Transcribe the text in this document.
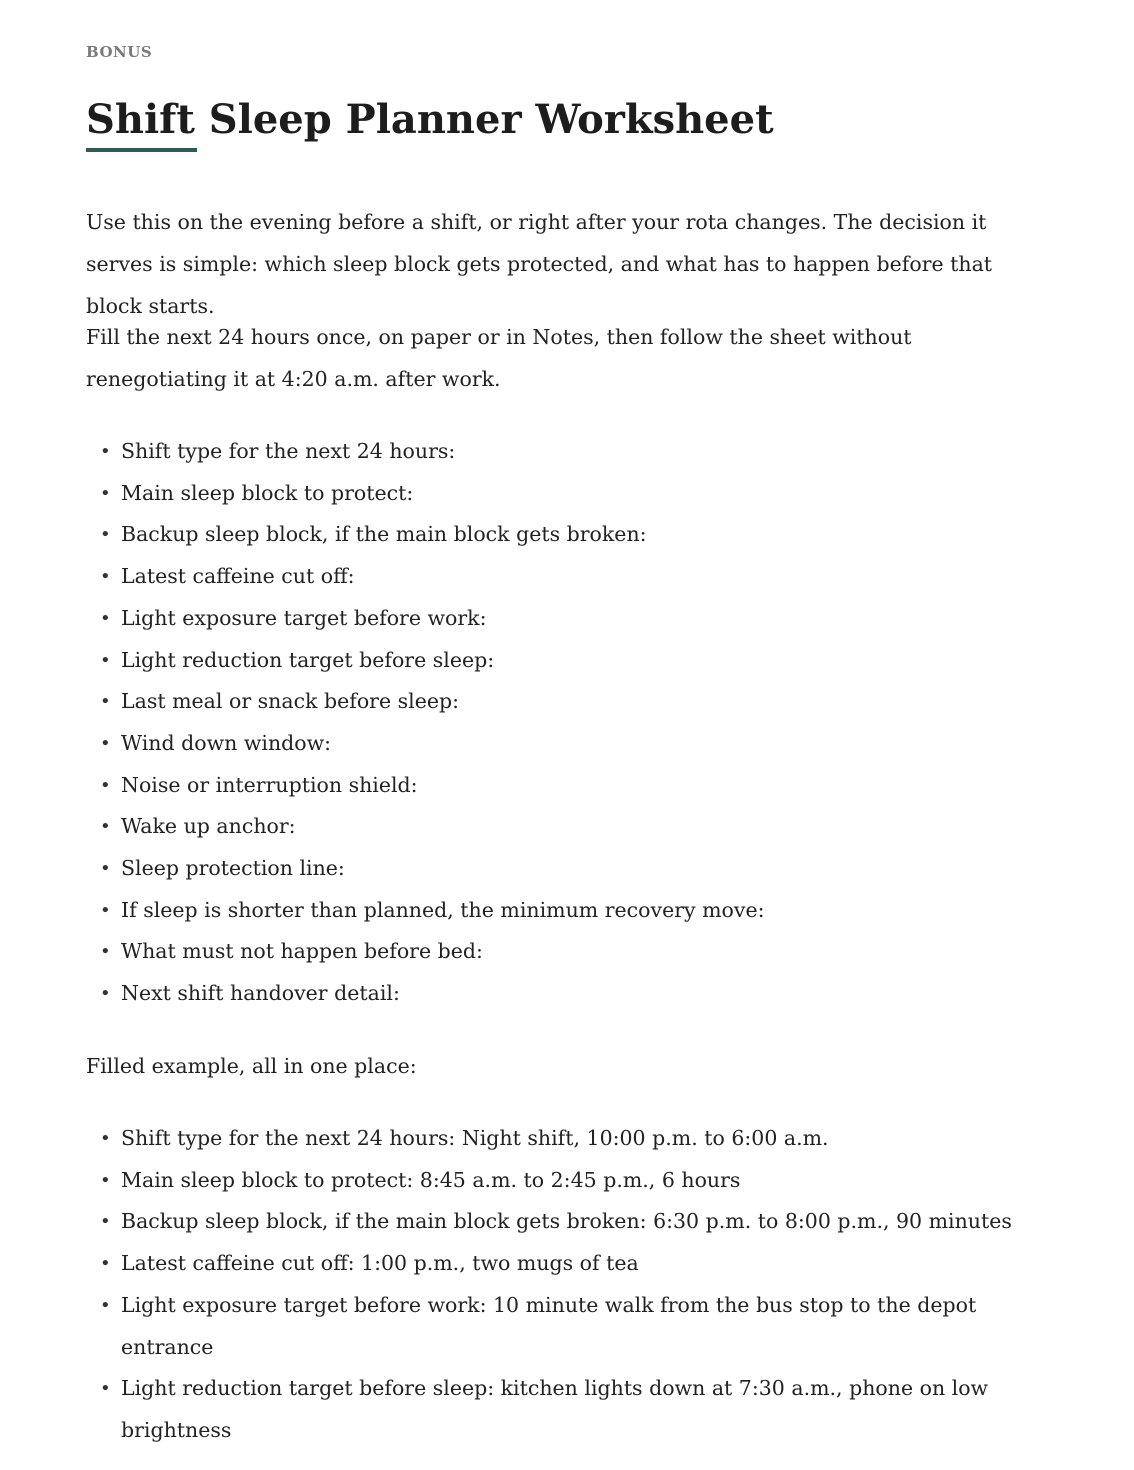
BONUS
Shift Sleep Planner Worksheet

Use this on the evening before a shift, or right after your rota changes. The decision it serves is simple: which sleep block gets protected, and what has to happen before that block starts.

Fill the next 24 hours once, on paper or in Notes, then follow the sheet without renegotiating it at 4:20 a.m. after work.

• Shift type for the next 24 hours:
• Main sleep block to protect:
• Backup sleep block, if the main block gets broken:
• Latest caffeine cut off:
• Light exposure target before work:
• Light reduction target before sleep:
• Last meal or snack before sleep:
• Wind down window:
• Noise or interruption shield:
• Wake up anchor:
• Sleep protection line:
• If sleep is shorter than planned, the minimum recovery move:
• What must not happen before bed:
• Next shift handover detail:

Filled example, all in one place:

• Shift type for the next 24 hours: Night shift, 10:00 p.m. to 6:00 a.m.
• Main sleep block to protect: 8:45 a.m. to 2:45 p.m., 6 hours
• Backup sleep block, if the main block gets broken: 6:30 p.m. to 8:00 p.m., 90 minutes
• Latest caffeine cut off: 1:00 p.m., two mugs of tea
• Light exposure target before work: 10 minute walk from the bus stop to the depot entrance
• Light reduction target before sleep: kitchen lights down at 7:30 a.m., phone on low brightness
